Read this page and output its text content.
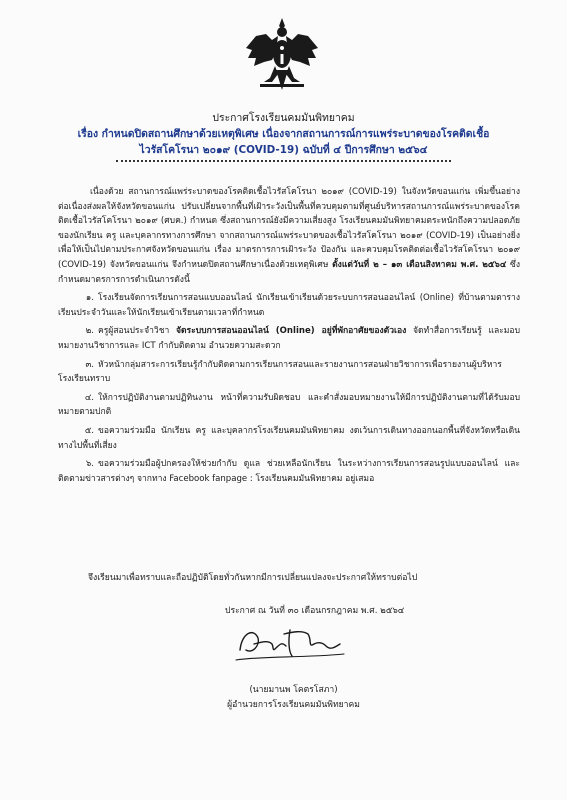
ประกาศโรงเรียนคมมันพิทยาคม
เรื่อง กำหนดปิดสถานศึกษาด้วยเหตุพิเศษ เนื่องจากสถานการณ์การแพร่ระบาดของโรคติดเชื้อ
ไวรัสโคโรนา ๒๐๑๙ (COVID-19) ฉบับที่ ๔ ปีการศึกษา ๒๕๖๔

เนื่องด้วย สถานการณ์แพร่ระบาดของโรคติดเชื้อไวรัสโคโรนา ๒๐๑๙ (COVID-19) ในจังหวัดขอนแก่น เพิ่มขึ้นอย่างต่อเนื่องส่งผลให้จังหวัดขอนแก่น ปรับเปลี่ยนจากพื้นที่เฝ้าระวังเป็นพื้นที่ควบคุมตามที่ศูนย์บริหารสถานการณ์แพร่ระบาดของโรคติดเชื้อไวรัสโคโรนา ๒๐๑๙ (ศบค.) กำหนด ซึ่งสถานการณ์ยังมีความเสี่ยงสูง โรงเรียนคมมันพิทยาคมตระหนักถึงความปลอดภัยของนักเรียน ครู และบุคลากรทางการศึกษา จากสถานการณ์แพร่ระบาดของเชื้อไวรัสโคโรนา ๒๐๑๙ (COVID-19) เป็นอย่างยิ่ง เพื่อให้เป็นไปตามประกาศจังหวัดขอนแก่น เรื่อง มาตรการการเฝ้าระวัง ป้องกัน และควบคุมโรคติดต่อเชื้อไวรัสโคโรนา ๒๐๑๙ (COVID-19) จังหวัดขอนแก่น จึงกำหนดปิดสถานศึกษาเนื่องด้วยเหตุพิเศษ ตั้งแต่วันที่ ๒ – ๑๓ เดือนสิงหาคม พ.ศ. ๒๕๖๔ ซึ่งกำหนดมาตรการการดำเนินการดังนี้

๑. โรงเรียนจัดการเรียนการสอนแบบออนไลน์ นักเรียนเข้าเรียนด้วยระบบการสอนออนไลน์ (Online) ที่บ้านตามตารางเรียนประจำวันและให้นักเรียนเข้าเรียนตามเวลาที่กำหนด

๒. ครูผู้สอนประจำวิชา จัดระบบการสอนออนไลน์ (Online) อยู่ที่พักอาศัยของตัวเอง จัดทำสื่อการเรียนรู้ และมอบหมายงานวิชาการและ ICT กำกับติดตาม อำนวยความสะดวก

๓. หัวหน้ากลุ่มสาระการเรียนรู้กำกับติดตามการเรียนการสอนและรายงานการสอนฝ่ายวิชาการเพื่อรายงานผู้บริหารโรงเรียนทราบ

๔. ให้การปฏิบัติงานตามปฏิทินงาน หน้าที่ความรับผิดชอบ และคำสั่งมอบหมายงานให้มีการปฏิบัติงานตามที่ได้รับมอบหมายตามปกติ

๕. ขอความร่วมมือ นักเรียน ครู และบุคลากรโรงเรียนคมมันพิทยาคม งดเว้นการเดินทางออกนอกพื้นที่จังหวัดหรือเดินทางไปพื้นที่เสี่ยง

๖. ขอความร่วมมือผู้ปกครองให้ช่วยกำกับ ดูแล ช่วยเหลือนักเรียน ในระหว่างการเรียนการสอนรูปแบบออนไลน์ และติดตามข่าวสารต่างๆ จากทาง Facebook fanpage : โรงเรียนคมมันพิทยาคม อยู่เสมอ

จึงเรียนมาเพื่อทราบและถือปฏิบัติโดยทั่วกันหากมีการเปลี่ยนแปลงจะประกาศให้ทราบต่อไป
ประกาศ ณ วันที่ ๓๐ เดือนกรกฎาคม พ.ศ. ๒๕๖๔
(นายมานพ โคตรโสภา)
ผู้อำนวยการโรงเรียนคมมันพิทยาคม
